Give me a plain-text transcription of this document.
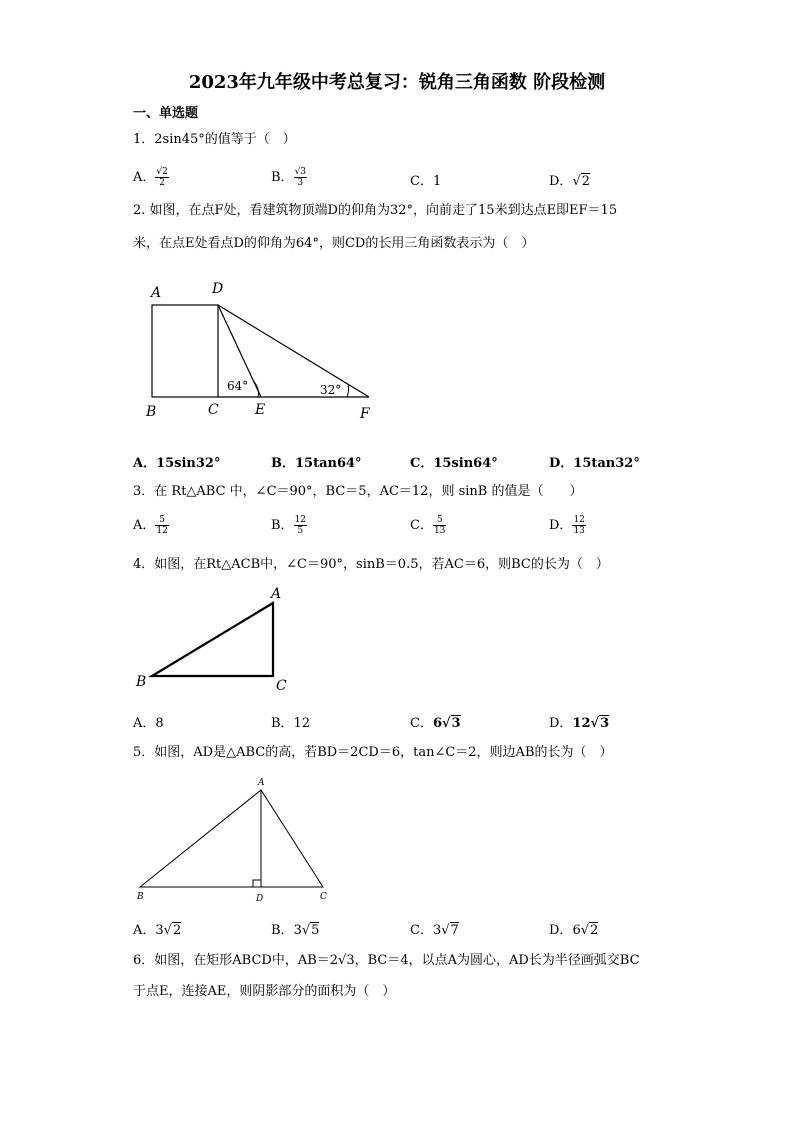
2023年九年级中考总复习：锐角三角函数 阶段检测
一、单选题
1．2sin45°的值等于（　）
A． $\frac{√2}{2}$	B． $\frac{√3}{3}$	C．1	D．√2
2. 如图，在点F处，看建筑物顶端D的仰角为32°，向前走了15米到达点E即EF＝15
米，在点E处看点D的仰角为64°，则CD的长用三角函数表示为（　）
A	D
B	C	E	F
64°	32°
A．15sin32°	B．15tan64°	C．15sin64°	D．15tan32°
3．在 Rt△ABC 中，∠C＝90°，BC＝5，AC＝12，则 sinB 的值是（　　）
A． $\frac{5}{12}$	B． $\frac{12}{5}$	C． $\frac{5}{13}$	D． $\frac{12}{13}$
4．如图，在Rt△ACB中，∠C＝90°，sinB＝0.5，若AC＝6，则BC的长为（　）
A
B	C
A．8	B．12	C．6√3	D．12√3
5．如图，AD是△ABC的高，若BD＝2CD＝6，tan∠C＝2，则边AB的长为（　）
A
B	C
D
A．3√2	B．3√5	C．3√7	D．6√2
6．如图，在矩形ABCD中，AB＝2√3，BC＝4，以点A为圆心，AD长为半径画弧交BC
于点E，连接AE，则阴影部分的面积为（　）
